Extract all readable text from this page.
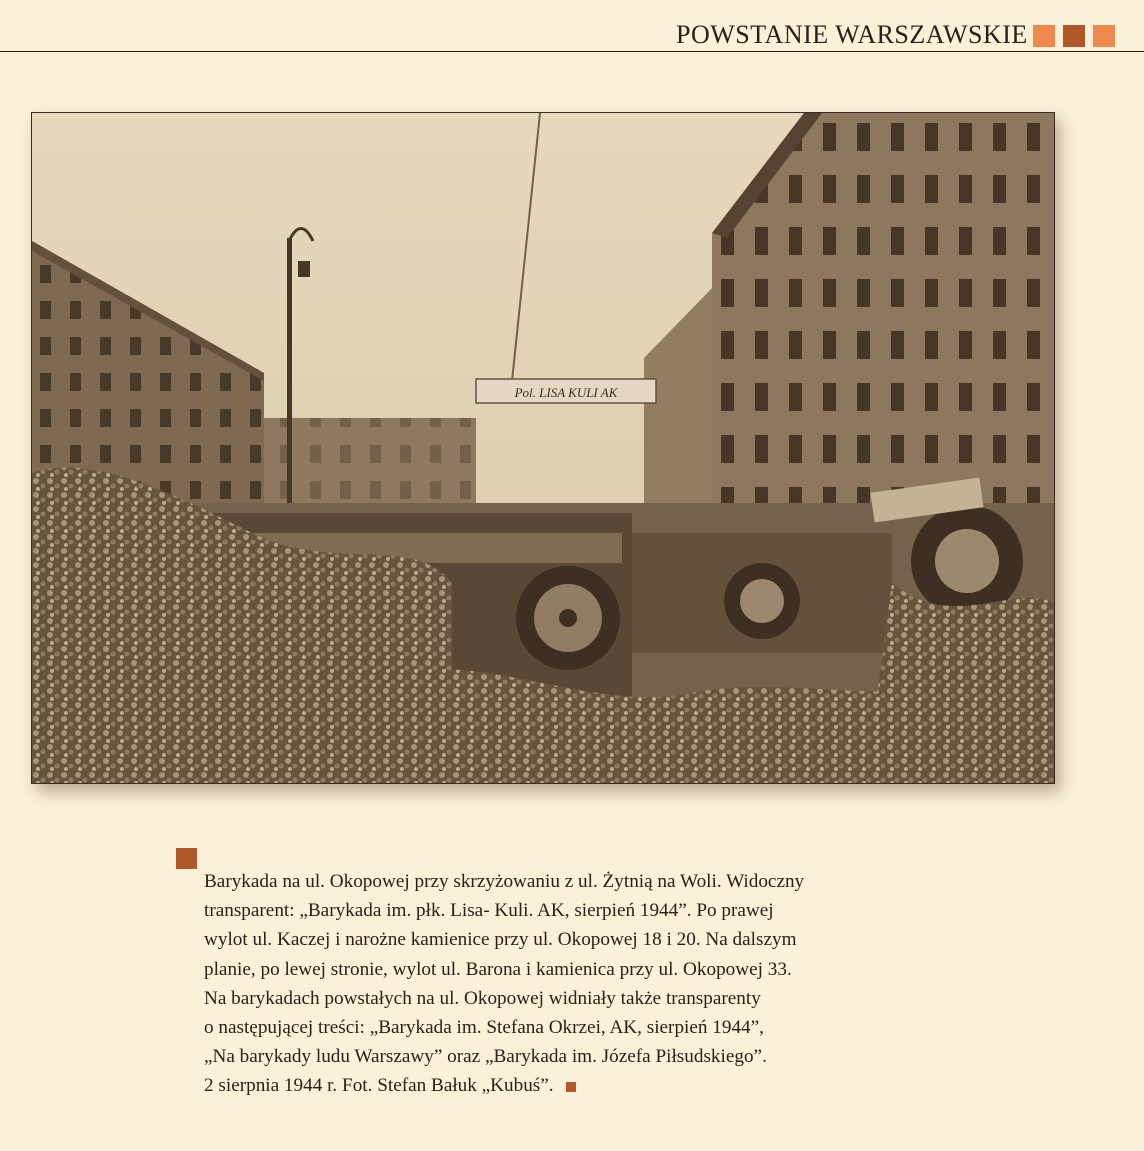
POWSTANIE WARSZAWSKIE
Pol. LISA KULI AK
Barykada na ul. Okopowej przy skrzyżowaniu z ul. Żytnią na Woli. Widoczny
transparent: „Barykada im. płk. Lisa- Kuli. AK, sierpień 1944”. Po prawej
wylot ul. Kaczej i narożne kamienice przy ul. Okopowej 18 i 20. Na dalszym
planie, po lewej stronie, wylot ul. Barona i kamienica przy ul. Okopowej 33.
Na barykadach powstałych na ul. Okopowej widniały także transparenty
o następującej treści: „Barykada im. Stefana Okrzei, AK, sierpień 1944”,
„Na barykady ludu Warszawy” oraz „Barykada im. Józefa Piłsudskiego”.
2 sierpnia 1944 r. Fot. Stefan Bałuk „Kubuś”.
